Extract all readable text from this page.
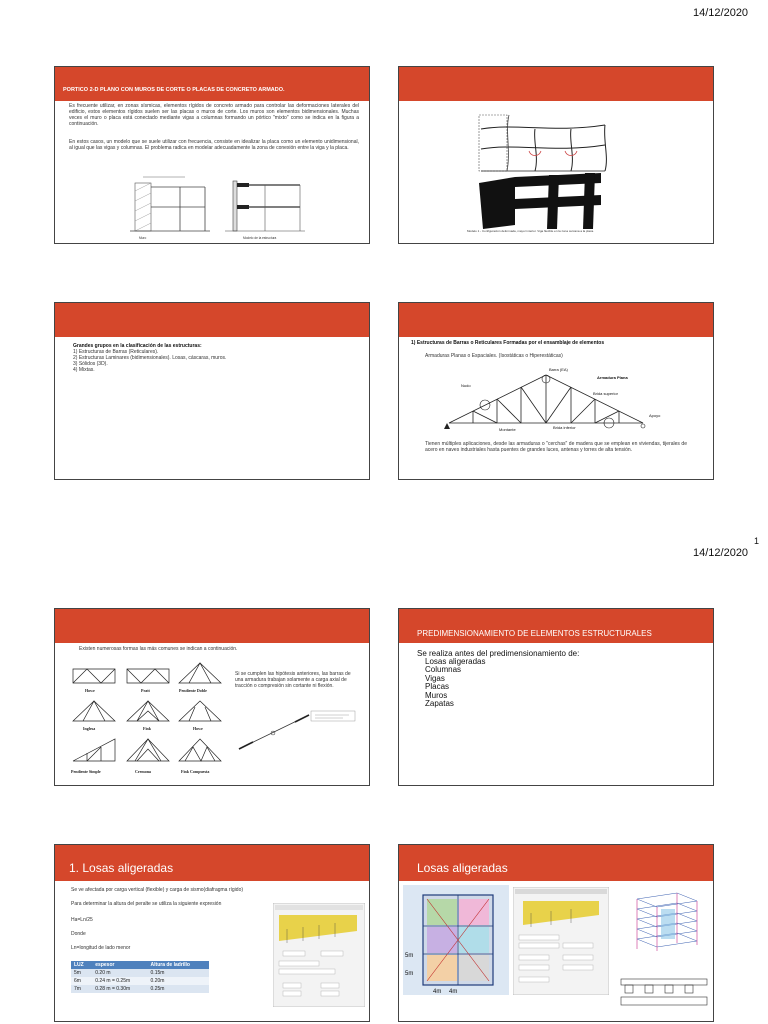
14/12/2020
1
14/12/2020
PORTICO 2-D PLANO CON MUROS DE CORTE O PLACAS DE CONCRETO ARMADO.
Es frecuente utilizar, en zonas sísmicas, elementos rígidos de concreto armado para controlar las deformaciones laterales del edificio, estos elementos rígidos suelen ser las placas o muros de corte. Los muros son elementos bidimensionales. Muchas veces el muro o placa está conectado mediante vigas a columnas formando un pórtico "mixto" como se indica en la figura a continuación.
En estos casos, un modelo que se suele utilizar con frecuencia, consiste en idealizar la placa como un elemento unidimensional, al igual que las vigas y columnas. El problema radica en modelar adecuadamente la zona de conexión entre la viga y la placa.
Muro	Modelo de la estructura
Modelo 1 - Configuración deformada, mayor interior. Viga flexible en la zona cercana a la placa.
Grandes grupos en la clasificación de las estructuras:
1) Estructuras de Barras (Reticulares).
2) Estructuras Laminares (bidimensionales). Losas, cáscaras, muros.
3) Sólidos (3D).
4) Mixtas.
1) Estructuras de Barras o Reticulares Formadas por el ensamblaje de elementos
Armaduras Planas o Espaciales. (Isostáticas o Hiperestáticas)
Nudo
Barra (EA)
Armadura Plana
Brida superior
Apoyo
Montante	Brida inferior
Tienen múltiples aplicaciones, desde las armaduras o "cerchas" de madera que se emplean en viviendas, tijerales de acero en naves industriales hasta puentes de grandes luces, antenas y torres de alta tensión.
Existen numerosas formas las más comunes se indican a continuación.
Howe	Pratt	Pendiente Doble
Inglesa	Fink	Howe
Pendiente Simple	Cremona	Fink Compuesta
Si se cumplen las hipótesis anteriores, las barras de una armadura trabajan solamente a carga axial de tracción o compresión sin cortante ni flexión.
PREDIMENSIONAMIENTO DE ELEMENTOS ESTRUCTURALES
Se realiza antes del predimensionamiento de:
Losas aligeradas
Columnas
Vigas
Placas
Muros
Zapatas
1. Losas aligeradas
Se ve afectada por carga vertical (flexible) y carga de sismo(diafragma rígido)
Para determinar la altura del peralte se utiliza la siguiente expresión
Ha=Ln/25
Donde
Ln=longitud de lado menor
LUZ	espesor	Altura de ladrillo
5m	0.20 m	0.15m
6m	0.24 m = 0.25m	0.20m
7m	0.28 m = 0.30m	0.25m
Losas aligeradas
5m
5m
4m 4m
